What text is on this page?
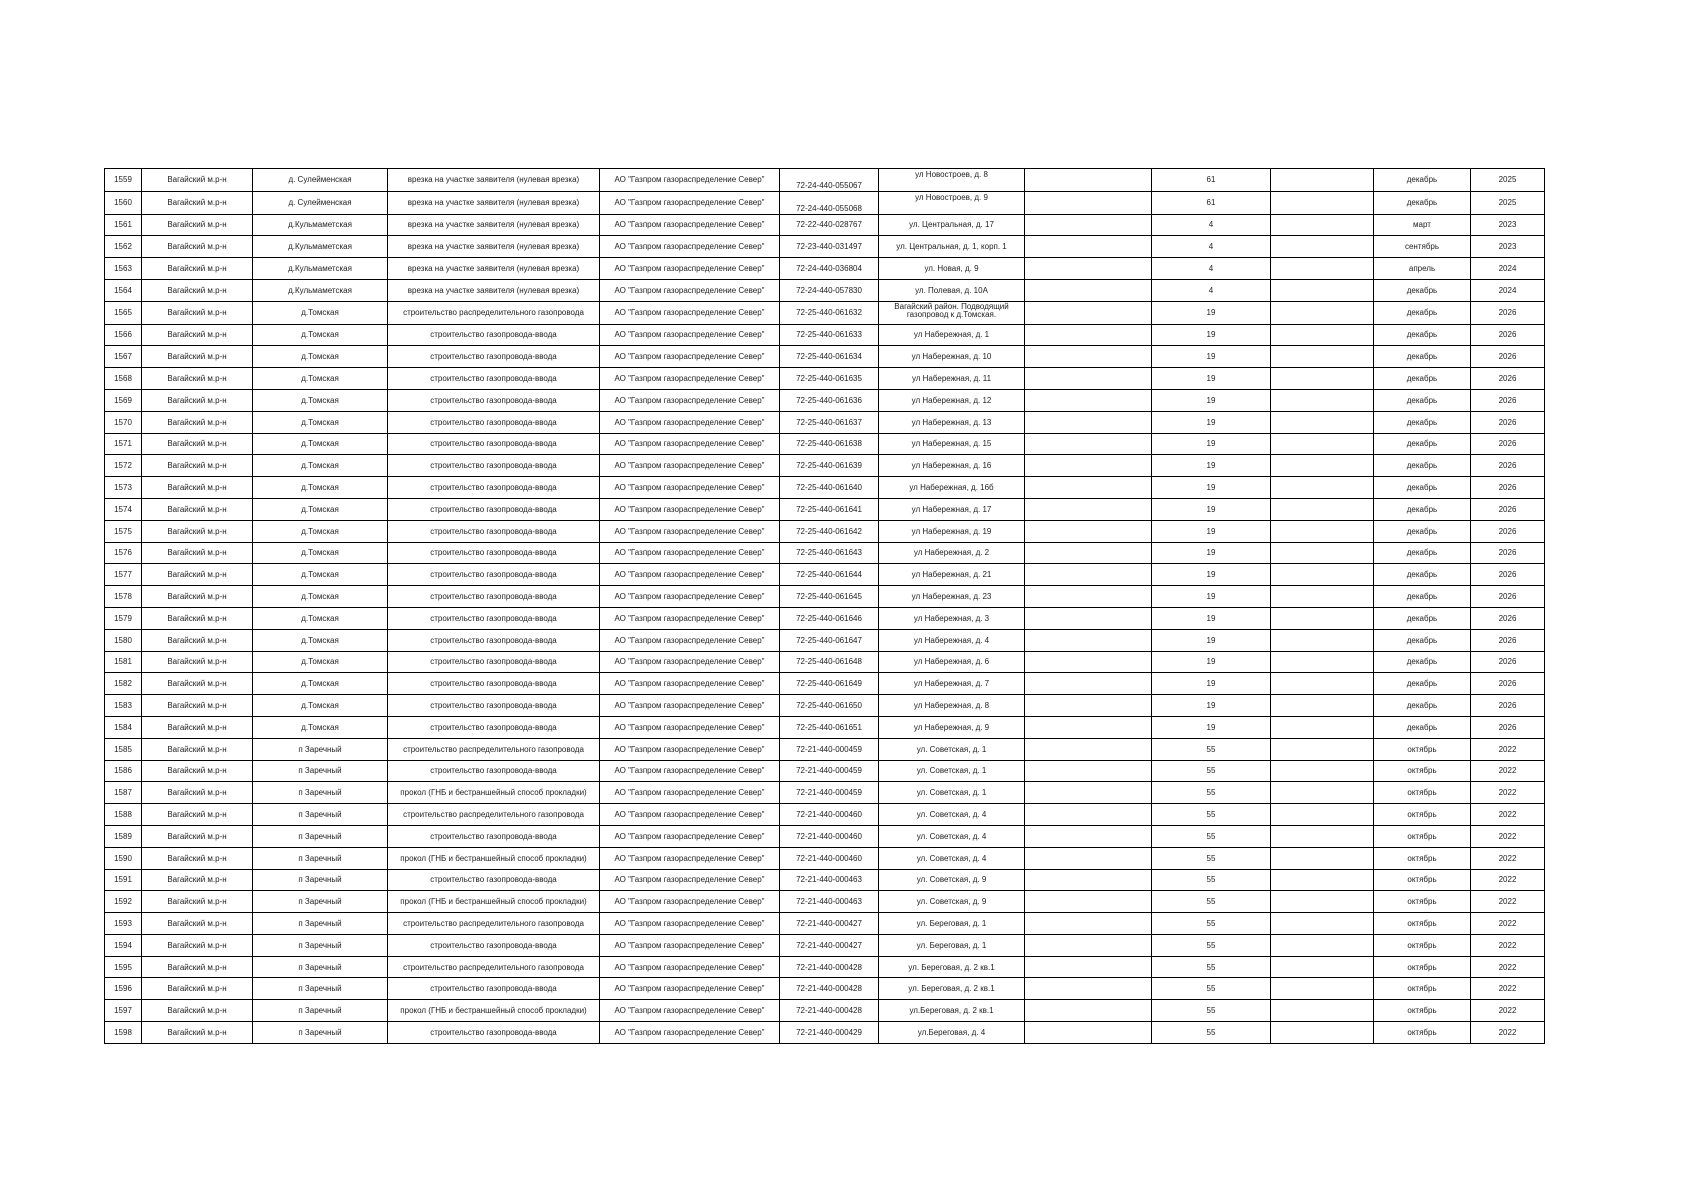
1559	Вагайский м.р-н	д. Сулейменская	врезка на участке заявителя (нулевая врезка)	АО "Газпром газораспределение Север"	72-24-440-055067	ул Новостроев, д. 8		61		декабрь	2025
1560	Вагайский м.р-н	д. Сулейменская	врезка на участке заявителя (нулевая врезка)	АО "Газпром газораспределение Север"	72-24-440-055068	ул Новостроев, д. 9		61		декабрь	2025
1561	Вагайский м.р-н	д.Кульмаметская	врезка на участке заявителя (нулевая врезка)	АО "Газпром газораспределение Север"	72-22-440-028767	ул. Центральная, д. 17		4		март	2023
1562	Вагайский м.р-н	д.Кульмаметская	врезка на участке заявителя (нулевая врезка)	АО "Газпром газораспределение Север"	72-23-440-031497	ул. Центральная, д. 1, корп. 1		4		сентябрь	2023
1563	Вагайский м.р-н	д.Кульмаметская	врезка на участке заявителя (нулевая врезка)	АО "Газпром газораспределение Север"	72-24-440-036804	ул. Новая, д. 9		4		апрель	2024
1564	Вагайский м.р-н	д.Кульмаметская	врезка на участке заявителя (нулевая врезка)	АО "Газпром газораспределение Север"	72-24-440-057830	ул. Полевая, д. 10А		4		декабрь	2024
1565	Вагайский м.р-н	д.Томская	строительство распределительного газопровода	АО "Газпром газораспределение Север"	72-25-440-061632	Вагайский район. Подводящий газопровод к д.Томская.		19		декабрь	2026
1566	Вагайский м.р-н	д.Томская	строительство газопровода-ввода	АО "Газпром газораспределение Север"	72-25-440-061633	ул Набережная, д. 1		19		декабрь	2026
1567	Вагайский м.р-н	д.Томская	строительство газопровода-ввода	АО "Газпром газораспределение Север"	72-25-440-061634	ул Набережная, д. 10		19		декабрь	2026
1568	Вагайский м.р-н	д.Томская	строительство газопровода-ввода	АО "Газпром газораспределение Север"	72-25-440-061635	ул Набережная, д. 11		19		декабрь	2026
1569	Вагайский м.р-н	д.Томская	строительство газопровода-ввода	АО "Газпром газораспределение Север"	72-25-440-061636	ул Набережная, д. 12		19		декабрь	2026
1570	Вагайский м.р-н	д.Томская	строительство газопровода-ввода	АО "Газпром газораспределение Север"	72-25-440-061637	ул Набережная, д. 13		19		декабрь	2026
1571	Вагайский м.р-н	д.Томская	строительство газопровода-ввода	АО "Газпром газораспределение Север"	72-25-440-061638	ул Набережная, д. 15		19		декабрь	2026
1572	Вагайский м.р-н	д.Томская	строительство газопровода-ввода	АО "Газпром газораспределение Север"	72-25-440-061639	ул Набережная, д. 16		19		декабрь	2026
1573	Вагайский м.р-н	д.Томская	строительство газопровода-ввода	АО "Газпром газораспределение Север"	72-25-440-061640	ул Набережная, д. 16б		19		декабрь	2026
1574	Вагайский м.р-н	д.Томская	строительство газопровода-ввода	АО "Газпром газораспределение Север"	72-25-440-061641	ул Набережная, д. 17		19		декабрь	2026
1575	Вагайский м.р-н	д.Томская	строительство газопровода-ввода	АО "Газпром газораспределение Север"	72-25-440-061642	ул Набережная, д. 19		19		декабрь	2026
1576	Вагайский м.р-н	д.Томская	строительство газопровода-ввода	АО "Газпром газораспределение Север"	72-25-440-061643	ул Набережная, д. 2		19		декабрь	2026
1577	Вагайский м.р-н	д.Томская	строительство газопровода-ввода	АО "Газпром газораспределение Север"	72-25-440-061644	ул Набережная, д. 21		19		декабрь	2026
1578	Вагайский м.р-н	д.Томская	строительство газопровода-ввода	АО "Газпром газораспределение Север"	72-25-440-061645	ул Набережная, д. 23		19		декабрь	2026
1579	Вагайский м.р-н	д.Томская	строительство газопровода-ввода	АО "Газпром газораспределение Север"	72-25-440-061646	ул Набережная, д. 3		19		декабрь	2026
1580	Вагайский м.р-н	д.Томская	строительство газопровода-ввода	АО "Газпром газораспределение Север"	72-25-440-061647	ул Набережная, д. 4		19		декабрь	2026
1581	Вагайский м.р-н	д.Томская	строительство газопровода-ввода	АО "Газпром газораспределение Север"	72-25-440-061648	ул Набережная, д. 6		19		декабрь	2026
1582	Вагайский м.р-н	д.Томская	строительство газопровода-ввода	АО "Газпром газораспределение Север"	72-25-440-061649	ул Набережная, д. 7		19		декабрь	2026
1583	Вагайский м.р-н	д.Томская	строительство газопровода-ввода	АО "Газпром газораспределение Север"	72-25-440-061650	ул Набережная, д. 8		19		декабрь	2026
1584	Вагайский м.р-н	д.Томская	строительство газопровода-ввода	АО "Газпром газораспределение Север"	72-25-440-061651	ул Набережная, д. 9		19		декабрь	2026
1585	Вагайский м.р-н	п Заречный	строительство распределительного газопровода	АО "Газпром газораспределение Север"	72-21-440-000459	ул. Советская, д. 1		55		октябрь	2022
1586	Вагайский м.р-н	п Заречный	строительство газопровода-ввода	АО "Газпром газораспределение Север"	72-21-440-000459	ул. Советская, д. 1		55		октябрь	2022
1587	Вагайский м.р-н	п Заречный	прокол (ГНБ и бестраншейный способ прокладки)	АО "Газпром газораспределение Север"	72-21-440-000459	ул. Советская, д. 1		55		октябрь	2022
1588	Вагайский м.р-н	п Заречный	строительство распределительного газопровода	АО "Газпром газораспределение Север"	72-21-440-000460	ул. Советская, д. 4		55		октябрь	2022
1589	Вагайский м.р-н	п Заречный	строительство газопровода-ввода	АО "Газпром газораспределение Север"	72-21-440-000460	ул. Советская, д. 4		55		октябрь	2022
1590	Вагайский м.р-н	п Заречный	прокол (ГНБ и бестраншейный способ прокладки)	АО "Газпром газораспределение Север"	72-21-440-000460	ул. Советская, д. 4		55		октябрь	2022
1591	Вагайский м.р-н	п Заречный	строительство газопровода-ввода	АО "Газпром газораспределение Север"	72-21-440-000463	ул. Советская, д. 9		55		октябрь	2022
1592	Вагайский м.р-н	п Заречный	прокол (ГНБ и бестраншейный способ прокладки)	АО "Газпром газораспределение Север"	72-21-440-000463	ул. Советская, д. 9		55		октябрь	2022
1593	Вагайский м.р-н	п Заречный	строительство распределительного газопровода	АО "Газпром газораспределение Север"	72-21-440-000427	ул. Береговая, д. 1		55		октябрь	2022
1594	Вагайский м.р-н	п Заречный	строительство газопровода-ввода	АО "Газпром газораспределение Север"	72-21-440-000427	ул. Береговая, д. 1		55		октябрь	2022
1595	Вагайский м.р-н	п Заречный	строительство распределительного газопровода	АО "Газпром газораспределение Север"	72-21-440-000428	ул. Береговая, д. 2 кв.1		55		октябрь	2022
1596	Вагайский м.р-н	п Заречный	строительство газопровода-ввода	АО "Газпром газораспределение Север"	72-21-440-000428	ул. Береговая, д. 2 кв.1		55		октябрь	2022
1597	Вагайский м.р-н	п Заречный	прокол (ГНБ и бестраншейный способ прокладки)	АО "Газпром газораспределение Север"	72-21-440-000428	ул.Береговая, д. 2 кв.1		55		октябрь	2022
1598	Вагайский м.р-н	п Заречный	строительство газопровода-ввода	АО "Газпром газораспределение Север"	72-21-440-000429	ул.Береговая, д. 4		55		октябрь	2022
